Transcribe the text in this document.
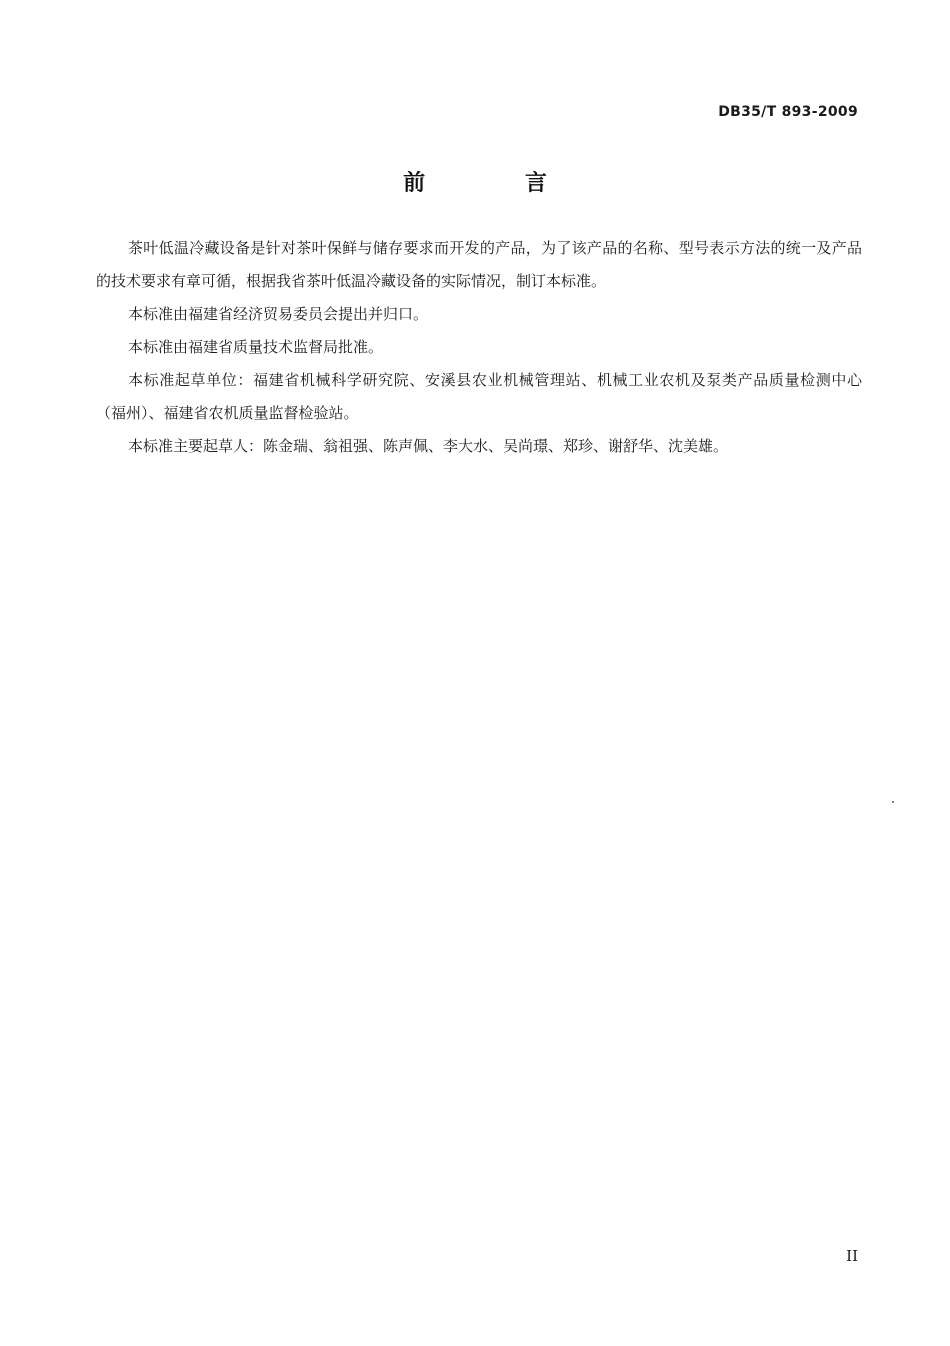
DB35/T 893-2009
前 言

茶叶低温冷藏设备是针对茶叶保鲜与储存要求而开发的产品，为了该产品的名称、型号表示方法的统一及产品的技术要求有章可循，根据我省茶叶低温冷藏设备的实际情况，制订本标准。

本标准由福建省经济贸易委员会提出并归口。

本标准由福建省质量技术监督局批准。

本标准起草单位：福建省机械科学研究院、安溪县农业机械管理站、机械工业农机及泵类产品质量检测中心（福州）、福建省农机质量监督检验站。

本标准主要起草人：陈金瑞、翁祖强、陈声佩、李大水、吴尚璟、郑珍、谢舒华、沈美雄。

II
